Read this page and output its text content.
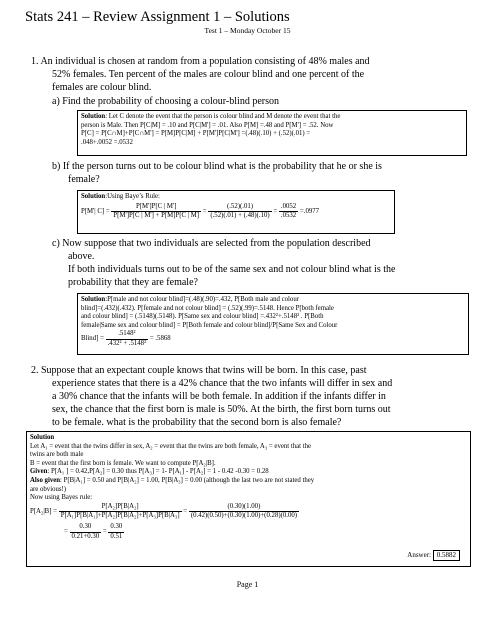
Stats 241 – Review Assignment 1 – Solutions
Test 1 – Monday October 15
1. An individual is chosen at random from a population consisting of 48% males and
52% females. Ten percent of the males are colour blind and one percent of the
females are colour blind.
a) Find the probability of choosing a colour-blind person
Solution: Let C denote the event that the person is colour blind and M denote the event that the
person is Male. Then P[C|M] = .10 and P[C|M'] = .01. Also P[M] =.48 and P[M'] = .52. Now
P[C] = P[C∩M]+P[C∩M'] = P[M]P[C|M] + P[M']P[C|M'] =(.48)(.10) + (.52)(.01) =
.048+.0052 =.0532
b) If the person turns out to be colour blind what is the probability that he or she is
female?
Solution:Using Baye’s Rule:
P[M'| $C] = \frac{P[M']P[C | M']}{P[M']P[C | M'] + P[M]P[C | M]} = \frac{(.52)(.01)}{(.52)(.01) + (.48)(.10)} = \frac{.0052}{.0532} =.0977$
c) Now suppose that two individuals are selected from the population described
above.
If both individuals turns out to be of the same sex and not colour blind what is the
probability that they are female?
Solution:P[male and not colour blind]=(.48)(.90)=.432, P[Both male and colour
blind]=(.432)(.432). P[female and not colour blind] = (.52)(.99)=.5148. Hence P[both female
and colour blind] = (.5148)(.5148). P[Same sex and colour blind] =.432²+.5148² . P[Both
female|Same sex and colour blind] = P[Both female and colour blind]/P[Same Sex and Colour
Blind] = $\frac{\text{.5148²}}{\text{.432² + .5148²}} = .5868$
2. Suppose that an expectant couple knows that twins will be born. In this case, past
experience states that there is a 42% chance that the two infants will differ in sex and
a 30% chance that the infants will be both female. In addition if the infants differ in
sex, the chance that the first born is male is 50%. At the birth, the first born turns out
to be female. what is the probability that the second born is also female?
Solution
Let A₁ = event that the twins differ in sex, A₂ = event that the twins are both female, A₃ = event that the
twins are both male
B = event that the first born is female. We want to compute P[A₂|B].
Given: P[A₁ ] = 0.42,P[A₂] = 0.30 thus P[A₃] = 1- P[A₁] - P[A₂] = 1 - 0.42 -0.30 = 0.28
Also given: P[B|A₁] = 0.50 and P[B|A₂] = 1.00, P[B|A₃] = 0.00 (although the last two are not stated they
are obvious!)
Now using Bayes rule:
$P[A_2|B] = \frac{\text{P[A₂]P[B|A₂]}}{\text{P[A₁]P[B|A₁]+P[A₂]P[B|A₂]+P[A₃]P[B|A₃]}} = \frac{(0.30)(1.00)}{(0.42)(0.50)+(0.30)(1.00)+(0.28)(0.00)}$
= $\frac{0.30}{0.21+0.30} = \frac{0.30}{0.51}$
Answer: 0.5882
Page 1
